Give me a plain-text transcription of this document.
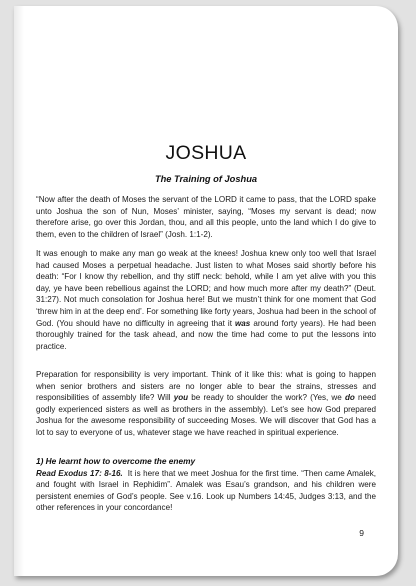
JOSHUA
The Training of Joshua

“Now after the death of Moses the servant of the LORD it came to pass, that the LORD spake unto Joshua the son of Nun, Moses’ minister, saying, “Moses my servant is dead; now therefore arise, go over this Jordan, thou, and all this people, unto the land which I do give to them, even to the children of Israel” (Josh. 1:1-2).

It was enough to make any man go weak at the knees! Joshua knew only too well that Israel had caused Moses a perpetual headache. Just listen to what Moses said shortly before his death: “For I know thy rebellion, and thy stiff neck: behold, while I am yet alive with you this day, ye have been rebellious against the LORD; and how much more after my death?” (Deut. 31:27). Not much consolation for Joshua here! But we mustn’t think for one moment that God ‘threw him in at the deep end’. For something like forty years, Joshua had been in the school of God. (You should have no difficulty in agreeing that it was around forty years). He had been thoroughly trained for the task ahead, and now the time had come to put the lessons into practice.

Preparation for responsibility is very important. Think of it like this: what is going to happen when senior brothers and sisters are no longer able to bear the strains, stresses and responsibilities of assembly life? Will you be ready to shoulder the work? (Yes, we do need godly experienced sisters as well as brothers in the assembly). Let’s see how God prepared Joshua for the awesome responsibility of succeeding Moses. We will discover that God has a lot to say to everyone of us, whatever stage we have reached in spiritual experience.

1) He learnt how to overcome the enemy

Read Exodus 17: 8-16. It is here that we meet Joshua for the first time. “Then came Amalek, and fought with Israel in Rephidim”. Amalek was Esau’s grandson, and his children were persistent enemies of God’s people. See v.16. Look up Numbers 14:45, Judges 3:13, and the other references in your concordance!

9
